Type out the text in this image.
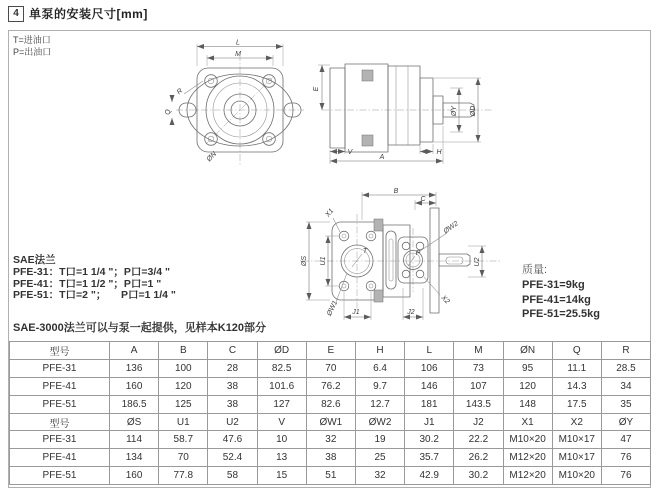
4 单泵的安装尺寸[mm]
T=进油口
P=出油口
L
M
R
Q
ØN
E
ØY ØD
V	H
A
T	P
B
C
ØS U1
X1
ØW1
ØW2
X2
J1	J2
U2
SAE法兰
PFE-31：T口=1 1/4 "；P口=3/4 "
PFE-41：T口=1 1/2 "；P口=1 "
PFE-51：T口=2 "；     P口=1 1/4 "
质量:
PFE-31=9kg
PFE-41=14kg
PFE-51=25.5kg
SAE-3000法兰可以与泵一起提供，见样本K120部分
型号	A	B	C	ØD	E	H	L	M	ØN	Q	R
PFE-31	136	100	28	82.5	70	6.4	106	73	95	11.1	28.5
PFE-41	160	120	38	101.6	76.2	9.7	146	107	120	14.3	34
PFE-51	186.5	125	38	127	82.6	12.7	181	143.5	148	17.5	35
型号	ØS	U1	U2	V	ØW1	ØW2	J1	J2	X1	X2	ØY
PFE-31	114	58.7	47.6	10	32	19	30.2	22.2	M10×20	M10×17	47
PFE-41	134	70	52.4	13	38	25	35.7	26.2	M12×20	M10×17	76
PFE-51	160	77.8	58	15	51	32	42.9	30.2	M12×20	M10×20	76
